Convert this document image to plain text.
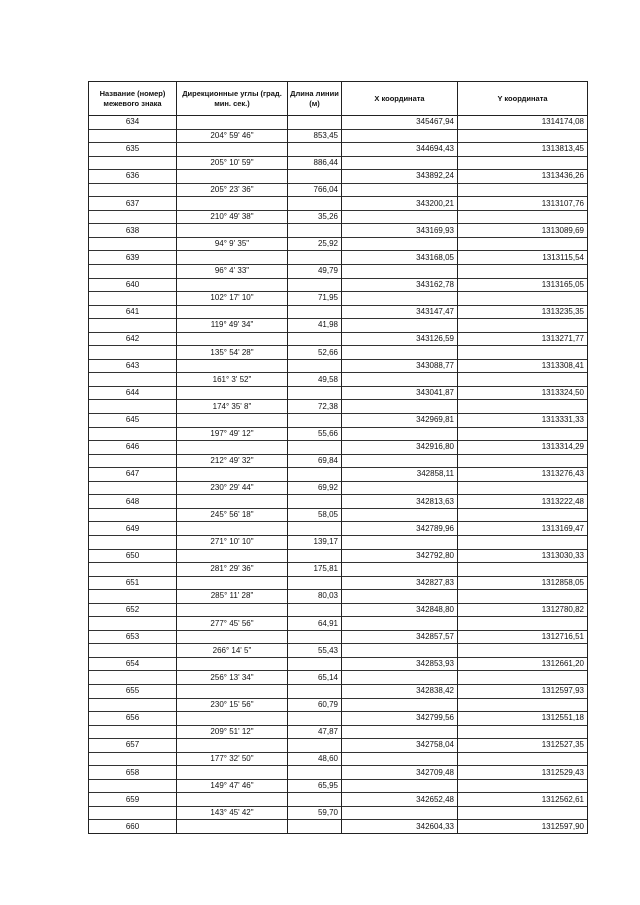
Название (номер) межевого знака	Дирекционные углы (град. мин. сек.)	Длина линии (м)	X координата	Y координата
634			345467,94	1314174,08
	204° 59' 46"	853,45		
635			344694,43	1313813,45
	205° 10' 59"	886,44		
636			343892,24	1313436,26
	205° 23' 36"	766,04		
637			343200,21	1313107,76
	210° 49' 38"	35,26		
638			343169,93	1313089,69
	94° 9' 35"	25,92		
639			343168,05	1313115,54
	96° 4' 33"	49,79		
640			343162,78	1313165,05
	102° 17' 10"	71,95		
641			343147,47	1313235,35
	119° 49' 34"	41,98		
642			343126,59	1313271,77
	135° 54' 28"	52,66		
643			343088,77	1313308,41
	161° 3' 52"	49,58		
644			343041,87	1313324,50
	174° 35' 8"	72,38		
645			342969,81	1313331,33
	197° 49' 12"	55,66		
646			342916,80	1313314,29
	212° 49' 32"	69,84		
647			342858,11	1313276,43
	230° 29' 44"	69,92		
648			342813,63	1313222,48
	245° 56' 18"	58,05		
649			342789,96	1313169,47
	271° 10' 10"	139,17		
650			342792,80	1313030,33
	281° 29' 36"	175,81		
651			342827,83	1312858,05
	285° 11' 28"	80,03		
652			342848,80	1312780,82
	277° 45' 56"	64,91		
653			342857,57	1312716,51
	266° 14' 5"	55,43		
654			342853,93	1312661,20
	256° 13' 34"	65,14		
655			342838,42	1312597,93
	230° 15' 56"	60,79		
656			342799,56	1312551,18
	209° 51' 12"	47,87		
657			342758,04	1312527,35
	177° 32' 50"	48,60		
658			342709,48	1312529,43
	149° 47' 46"	65,95		
659			342652,48	1312562,61
	143° 45' 42"	59,70		
660			342604,33	1312597,90
